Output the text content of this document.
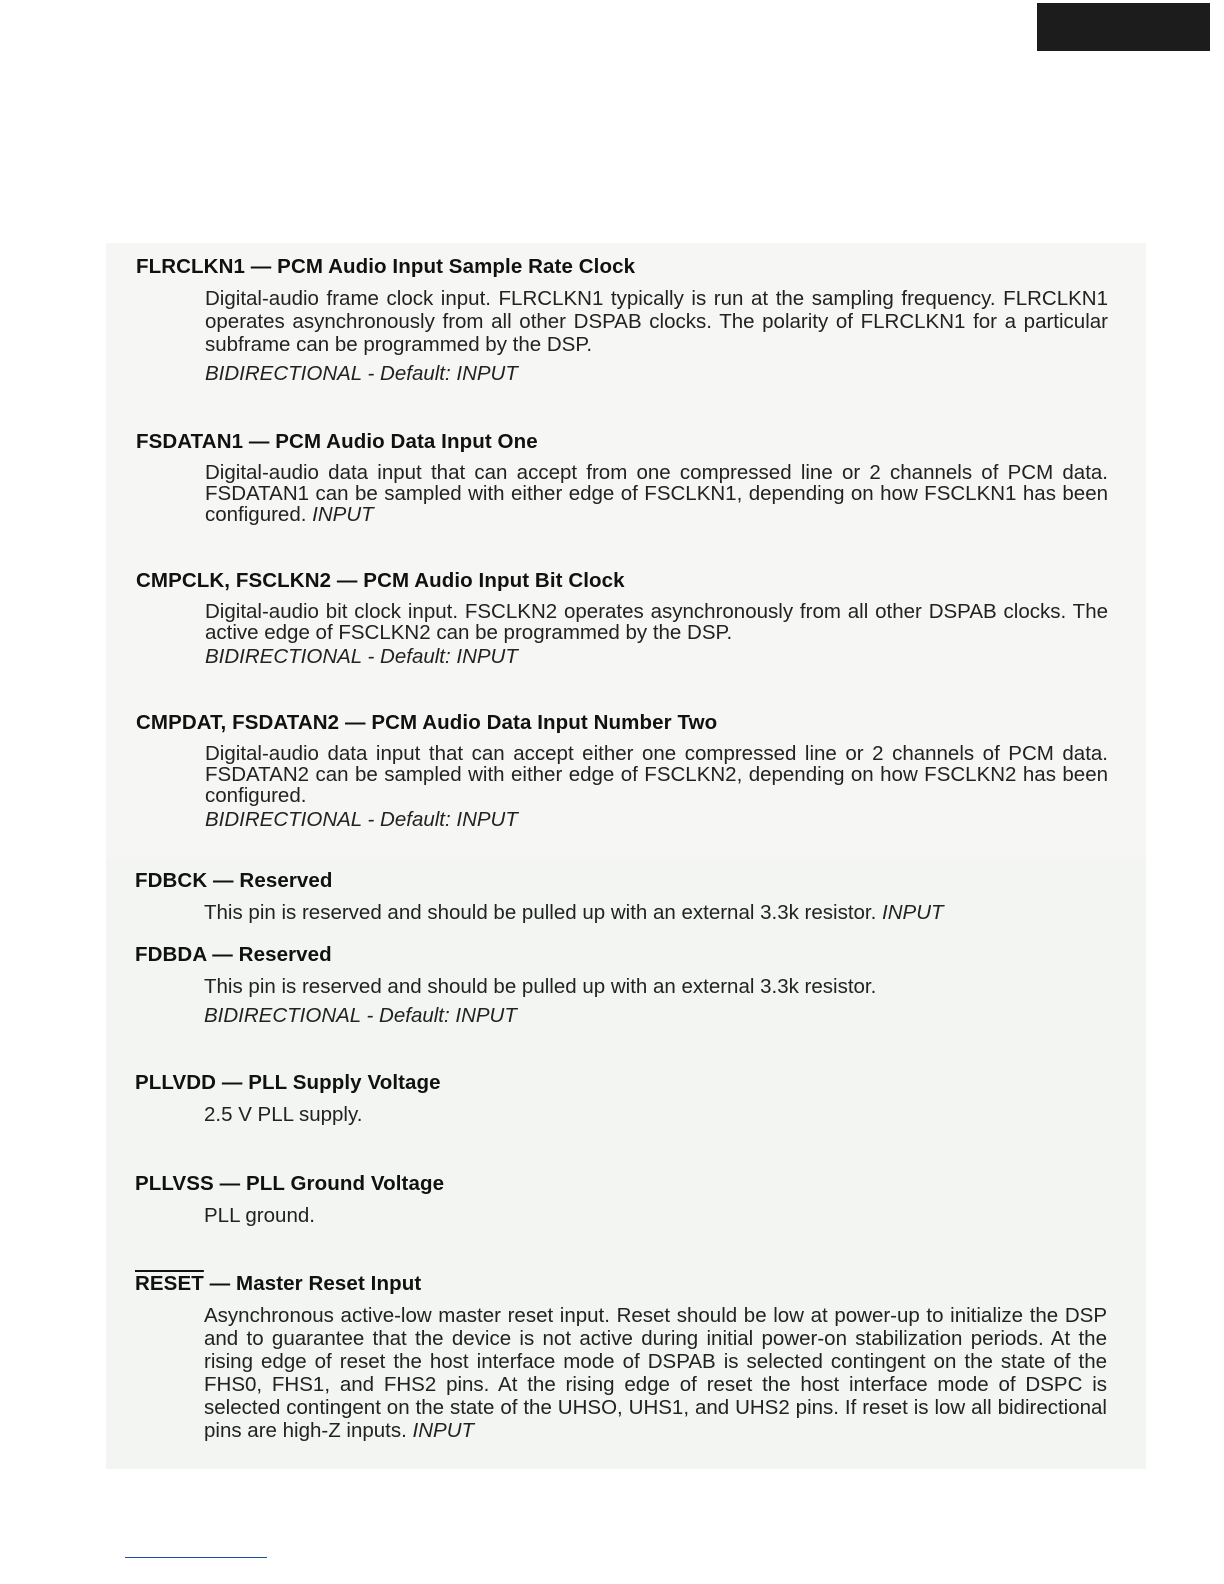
FLRCLKN1 — PCM Audio Input Sample Rate Clock

Digital-audio frame clock input. FLRCLKN1 typically is run at the sampling frequency. FLRCLKN1 operates asynchronously from all other DSPAB clocks. The polarity of FLRCLKN1 for a particular subframe can be programmed by the DSP.

BIDIRECTIONAL - Default: INPUT

FSDATAN1 — PCM Audio Data Input One

Digital-audio data input that can accept from one compressed line or 2 channels of PCM data. FSDATAN1 can be sampled with either edge of FSCLKN1, depending on how FSCLKN1 has been configured. INPUT

CMPCLK, FSCLKN2 — PCM Audio Input Bit Clock

Digital-audio bit clock input. FSCLKN2 operates asynchronously from all other DSPAB clocks. The active edge of FSCLKN2 can be programmed by the DSP.

BIDIRECTIONAL - Default: INPUT

CMPDAT, FSDATAN2 — PCM Audio Data Input Number Two

Digital-audio data input that can accept either one compressed line or 2 channels of PCM data. FSDATAN2 can be sampled with either edge of FSCLKN2, depending on how FSCLKN2 has been configured.

BIDIRECTIONAL - Default: INPUT

FDBCK — Reserved

This pin is reserved and should be pulled up with an external 3.3k resistor. INPUT

FDBDA — Reserved

This pin is reserved and should be pulled up with an external 3.3k resistor.

BIDIRECTIONAL - Default: INPUT

PLLVDD — PLL Supply Voltage

2.5 V PLL supply.

PLLVSS — PLL Ground Voltage

PLL ground.

RESET — Master Reset Input

Asynchronous active-low master reset input. Reset should be low at power-up to initialize the DSP and to guarantee that the device is not active during initial power-on stabilization periods. At the rising edge of reset the host interface mode of DSPAB is selected contingent on the state of the FHS0, FHS1, and FHS2 pins. At the rising edge of reset the host interface mode of DSPC is selected contingent on the state of the UHSO, UHS1, and UHS2 pins. If reset is low all bidirectional pins are high-Z inputs. INPUT
